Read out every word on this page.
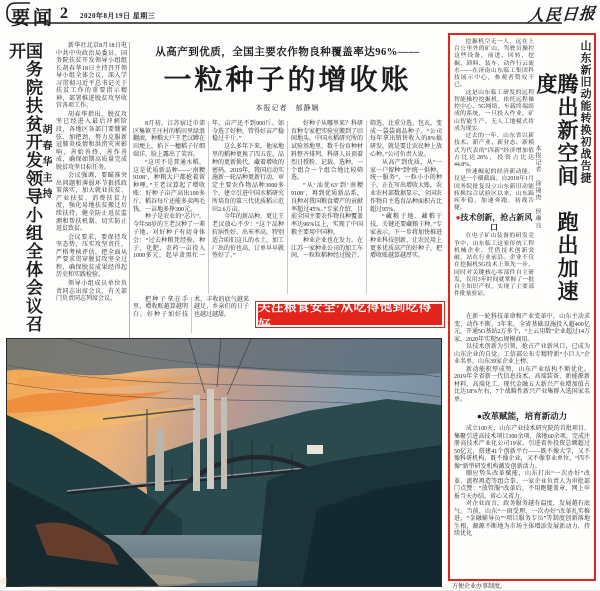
要闻 2 2020年8月19日 星期三	人民日报
国务院扶贫开发领导小组全体会议召开
胡春华主持

新华社北京8月18日电　中共中央政治局委员、国务院扶贫开发领导小组组长胡春华18日主持召开领导小组全体会议，深入学习贯彻习近平总书记关于扶贫工作的重要指示精神，部署推进脱贫攻坚收官各项工作。

胡春华指出，脱贫攻坚已经进入最后冲刺阶段，各地区各部门要绷紧弦、加把劲，努力克服新冠肺炎疫情和洪涝灾害影响，善始善终、善作善成，确保如期高质量完成脱贫攻坚目标任务。

会议强调，要瞄准突出问题和薄弱环节狠抓政策落实，加大就业扶贫、产业扶贫、消费扶贫力度，强化易地扶贫搬迁后续扶持，健全防止返贫监测和帮扶机制，切实防止返贫致贫。

会议要求，要保持攻坚态势，压实攻坚责任，严格考核评估，把全面从严要求贯穿脱贫攻坚全过程，确保脱贫成果经得起历史和实践检验。

领导小组成员单位负责同志出席会议，有关部门负责同志列席会议。

从高产到优质，全国主要农作物良种覆盖率达96%——

一粒种子的增收账

本报记者　郁静娴

8月初，江苏宿迁市郊区集镇王庄村的稻田里绿浪翻滚，种粮大户王老汉蹲在田埂上，掐下一穗稻子仔细端详，脸上露出了笑容。

“这可不是普通水稻，这是优质新品种——‘南粳9108’，种粮大户都抢着留种哩。”王老汉算起了增收账：好种子亩产高出100多斤，稻谷每斤还能多卖两毛钱，一亩地多挣300元。

种子是农业的“芯片”。今年58岁的王老汉种了一辈子地，对好种子有切身体会：“过去种粮凭经验，种子、化肥、农药一亩投入1000多元，起早贪黑忙一年，亩产还不到900斤。如今选了好种，管得好亩产稳稳过千斤。”

这么多年下来，他家地里的稻种更换了四五茬，品种的更新换代，藏着增收的密码。2019年，我国启动实施新一轮品种更新行动，审定主要农作物品种3000多个，建立引进中国水稻研究所培育的第三代优质稻示范田2.6万亩。

今年的新品种，更让王老汉放心不少：“这个品种抗病性好、出米率高，特别适合咱们这儿的水土，加工厂出的价也高，订单早早就签好了。”

好种子从哪里来？科研育种专家把实验室搬到了田间地头。中国水稻研究所的试验基地里，数千份育种材料整齐排列，科研人员顶着烈日授粉、记载、选种，一个组合一个组合地比较筛选。

“从‘汕优63’到‘南粳9108’，再到优质新品系，良种对我国粮食增产的贡献率超过45%。”专家介绍，目前全国主要农作物良种覆盖率达96%以上，实现了中国粮主要用中国种。

种业企业也在发力。在江苏一家种业公司的加工车间，一粒粒稻种经过脱芒、筛选、比重分选、包衣，变成一袋袋商品种子。“公司每年拿出销售收入的8%搞研发，就是要让农民种上放心种。”公司负责人说。

从高产到优质，从“一家一户留种”到“统一供种、统一服务”，一粒小小的种子，正在写出增收大账。农业农村部数据显示，全国农作物自主选育品种面积占比超过95%。

“藏粮于地、藏粮于技，关键还要藏粮于种。”专家表示，下一步将加快推进种业科技创新，让农民用上更多优质高产的好种子，把增收账越算越厚实。

把种子拿在手里，增收账越算越明白。好种子加好技术，丰收的底气越来越足，乡亲们的日子也越过越甜。

关注粮食安全·从吃得饱到吃得好
山东新旧动能转换初战告捷
腾出新空间　跑出加速度
本报记者　徐锦庚　侯琳良

挖掘机空无一人，远在上百公里外的矿山，驾驶员操控这些设备，前进、回转、挖掘、卸料、装车，动作行云流水——在济南山东临工集团科技展示中心，参观者赞叹不已。

这是山东临工研发的远程智能操控挖掘机，依托远程操控中心、5G网络、车载终端组成的系统，一旦投入作业，矿山智能生产、无人工地模式将成为现实。

过去的一年，山东省以新技术、新产业、新业态、新模式为代表的“四新”经济增加值占比达28%，投资占比达44.8%。

快速崛起的经济新动能，仅是一个横截面。自2018年1月国务院批复设立山东新旧动能转换综合试验区以来，山东蹄疾步稳，加速奔跑，初战告捷。

●技术创新，抢占新风口

在电子矿山装备的研发竞争中，山东临工这家传统工程机械企业，凭借技术创新突破，站在行业前沿。企业不仅在挖掘机5G技术上领先一步，同时对关键核心零部件自主研发，仅用3年时间就掌握了一批自主知识产权，实现了主要部件批量验证。

在新一轮科技革命和产业变革中，山东主动求变，动作不断。3年来，全省基础设施投入超400亿元，开通5G基站2万多个，“上云用数”企业超过14万家，2020年实现5G规模商用。

以技术创新为引领，抢占产业新风口，已成为山东企业的自觉。工信部公布专精特新“小巨人”企业名单，山东39家企业上榜。

新动能积厚成势，山东产业结构不断优化。2019年全省新一代信息技术、高端装备、新能源新材料、高端化工、现代金融五大新兴产业增加值占比达18%左右，7个战略性新兴产业集群入选国家名单。

●改革赋能，培育新动力

成立100天，山东产业技术研究院的首批项目、集聚引进高技术项目300余项，落地60余项，完成注册高技术产业化公司19家，引进省外投资总额超过50亿元，搭建41个创新平台——既不像大学，又不像科研机构，既不像企业，又不像事业单位，“四不像”新型研发机构激发创新活力。

顺应势头改革赋能，山东打出“一次办好”改革、流程再造等组合拳。一家企业负责人为审批部门点赞：“放管服”改革后，不用跑腿盖章，网上申报当天办结，省心又省力。

对企业而言，政务服务越有温度，发展越有底气。当前，山东“一窗受理、一次办好”改革扎实推进，“金融辅导员”“项目服务专员”等制度创新落地生根，源源不断地为市场主体增添发展新动力，持续优化

方便企业办事制度。
